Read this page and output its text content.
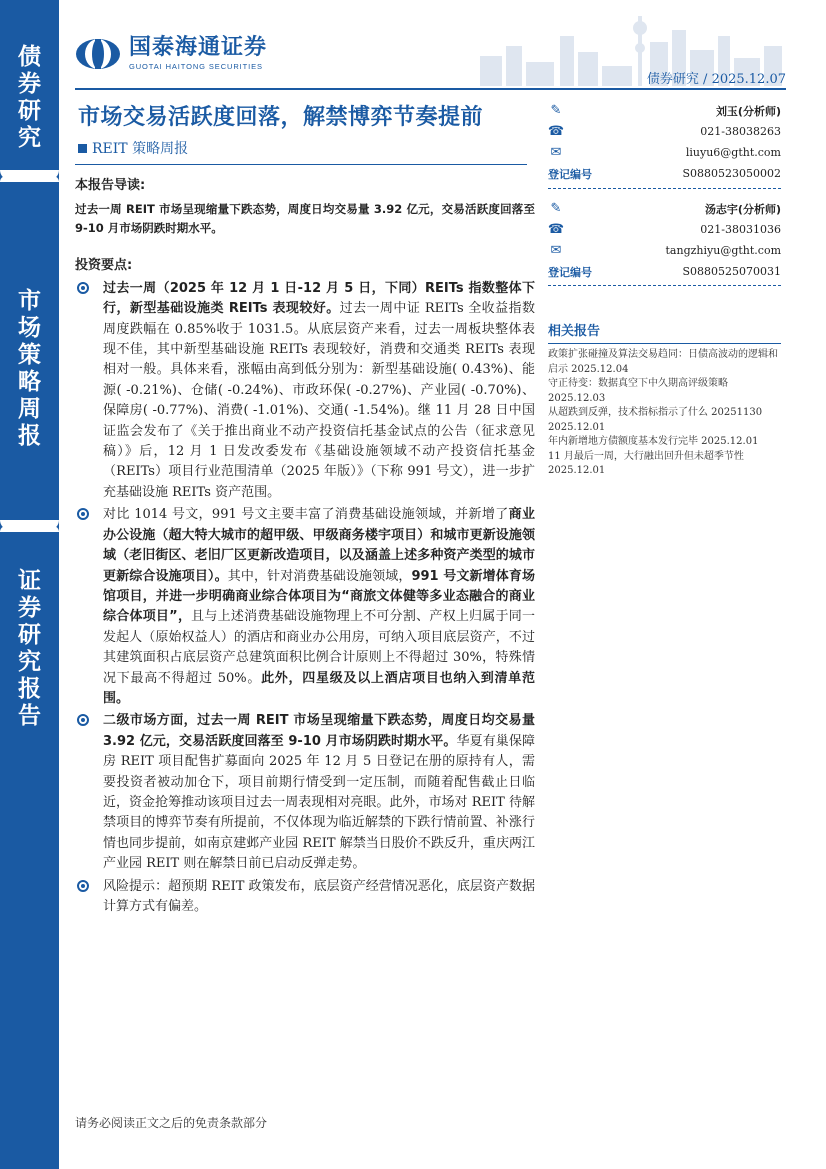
债
券
研
究
市
场
策
略
周
报
证
券
研
究
报
告
国泰海通证券
GUOTAI HAITONG SECURITIES
债券研究 / 2025.12.07
市场交易活跃度回落，解禁博弈节奏提前
REIT 策略周报
本报告导读:

过去一周 REIT 市场呈现缩量下跌态势，周度日均交易量 3.92 亿元，交易活跃度回落至 9-10 月市场阴跌时期水平。

投资要点:

过去一周（2025 年 12 月 1 日-12 月 5 日，下同）REITs 指数整体下行，新型基础设施类 REITs 表现较好。过去一周中证 REITs 全收益指数周度跌幅在 0.85%收于 1031.5。从底层资产来看，过去一周板块整体表现不佳，其中新型基础设施 REITs 表现较好，消费和交通类 REITs 表现相对一般。具体来看，涨幅由高到低分别为：新型基础设施( 0.43%)、能源( -0.21%)、仓储( -0.24%)、市政环保( -0.27%)、产业园( -0.70%)、保障房( -0.77%)、消费( -1.01%)、交通( -1.54%)。继 11 月 28 日中国证监会发布了《关于推出商业不动产投资信托基金试点的公告（征求意见稿）》后，12 月 1 日发改委发布《基础设施领域不动产投资信托基金（REITs）项目行业范围清单（2025 年版）》（下称 991 号文），进一步扩充基础设施 REITs 资产范围。

对比 1014 号文，991 号文主要丰富了消费基础设施领域，并新增了商业办公设施（超大特大城市的超甲级、甲级商务楼宇项目）和城市更新设施领域（老旧街区、老旧厂区更新改造项目，以及涵盖上述多种资产类型的城市更新综合设施项目）。其中，针对消费基础设施领域，991 号文新增体育场馆项目，并进一步明确商业综合体项目为“商旅文体健等多业态融合的商业综合体项目”，且与上述消费基础设施物理上不可分割、产权上归属于同一发起人（原始权益人）的酒店和商业办公用房，可纳入项目底层资产，不过其建筑面积占底层资产总建筑面积比例合计原则上不得超过 30%，特殊情况下最高不得超过 50%。此外，四星级及以上酒店项目也纳入到清单范围。

二级市场方面，过去一周 REIT 市场呈现缩量下跌态势，周度日均交易量 3.92 亿元，交易活跃度回落至 9-10 月市场阴跌时期水平。华夏有巢保障房 REIT 项目配售扩募面向 2025 年 12 月 5 日登记在册的原持有人，需要投资者被动加仓下，项目前期行情受到一定压制，而随着配售截止日临近，资金抢筹推动该项目过去一周表现相对亮眼。此外，市场对 REIT 待解禁项目的博弈节奏有所提前，不仅体现为临近解禁的下跌行情前置、补涨行情也同步提前，如南京建邺产业园 REIT 解禁当日股价不跌反升，重庆两江产业园 REIT 则在解禁日前已启动反弹走势。

风险提示：超预期 REIT 政策发布，底层资产经营情况恶化，底层资产数据计算方式有偏差。

✎	刘玉(分析师)
☎	021-38038263
✉	liuyu6@gtht.com
登记编号	S0880523050002
✎	汤志宇(分析师)
☎	021-38031036
✉	tangzhiyu@gtht.com
登记编号	S0880525070031
相关报告
政策扩张碰撞及算法交易趋同：日债高波动的逻辑和启示 2025.12.04
守正待变：数据真空下中久期高评级策略 2025.12.03
从超跌到反弹，技术指标指示了什么 20251130 2025.12.01
年内新增地方债额度基本发行完毕 2025.12.01
11 月最后一周，大行融出回升但未超季节性 2025.12.01
请务必阅读正文之后的免责条款部分
